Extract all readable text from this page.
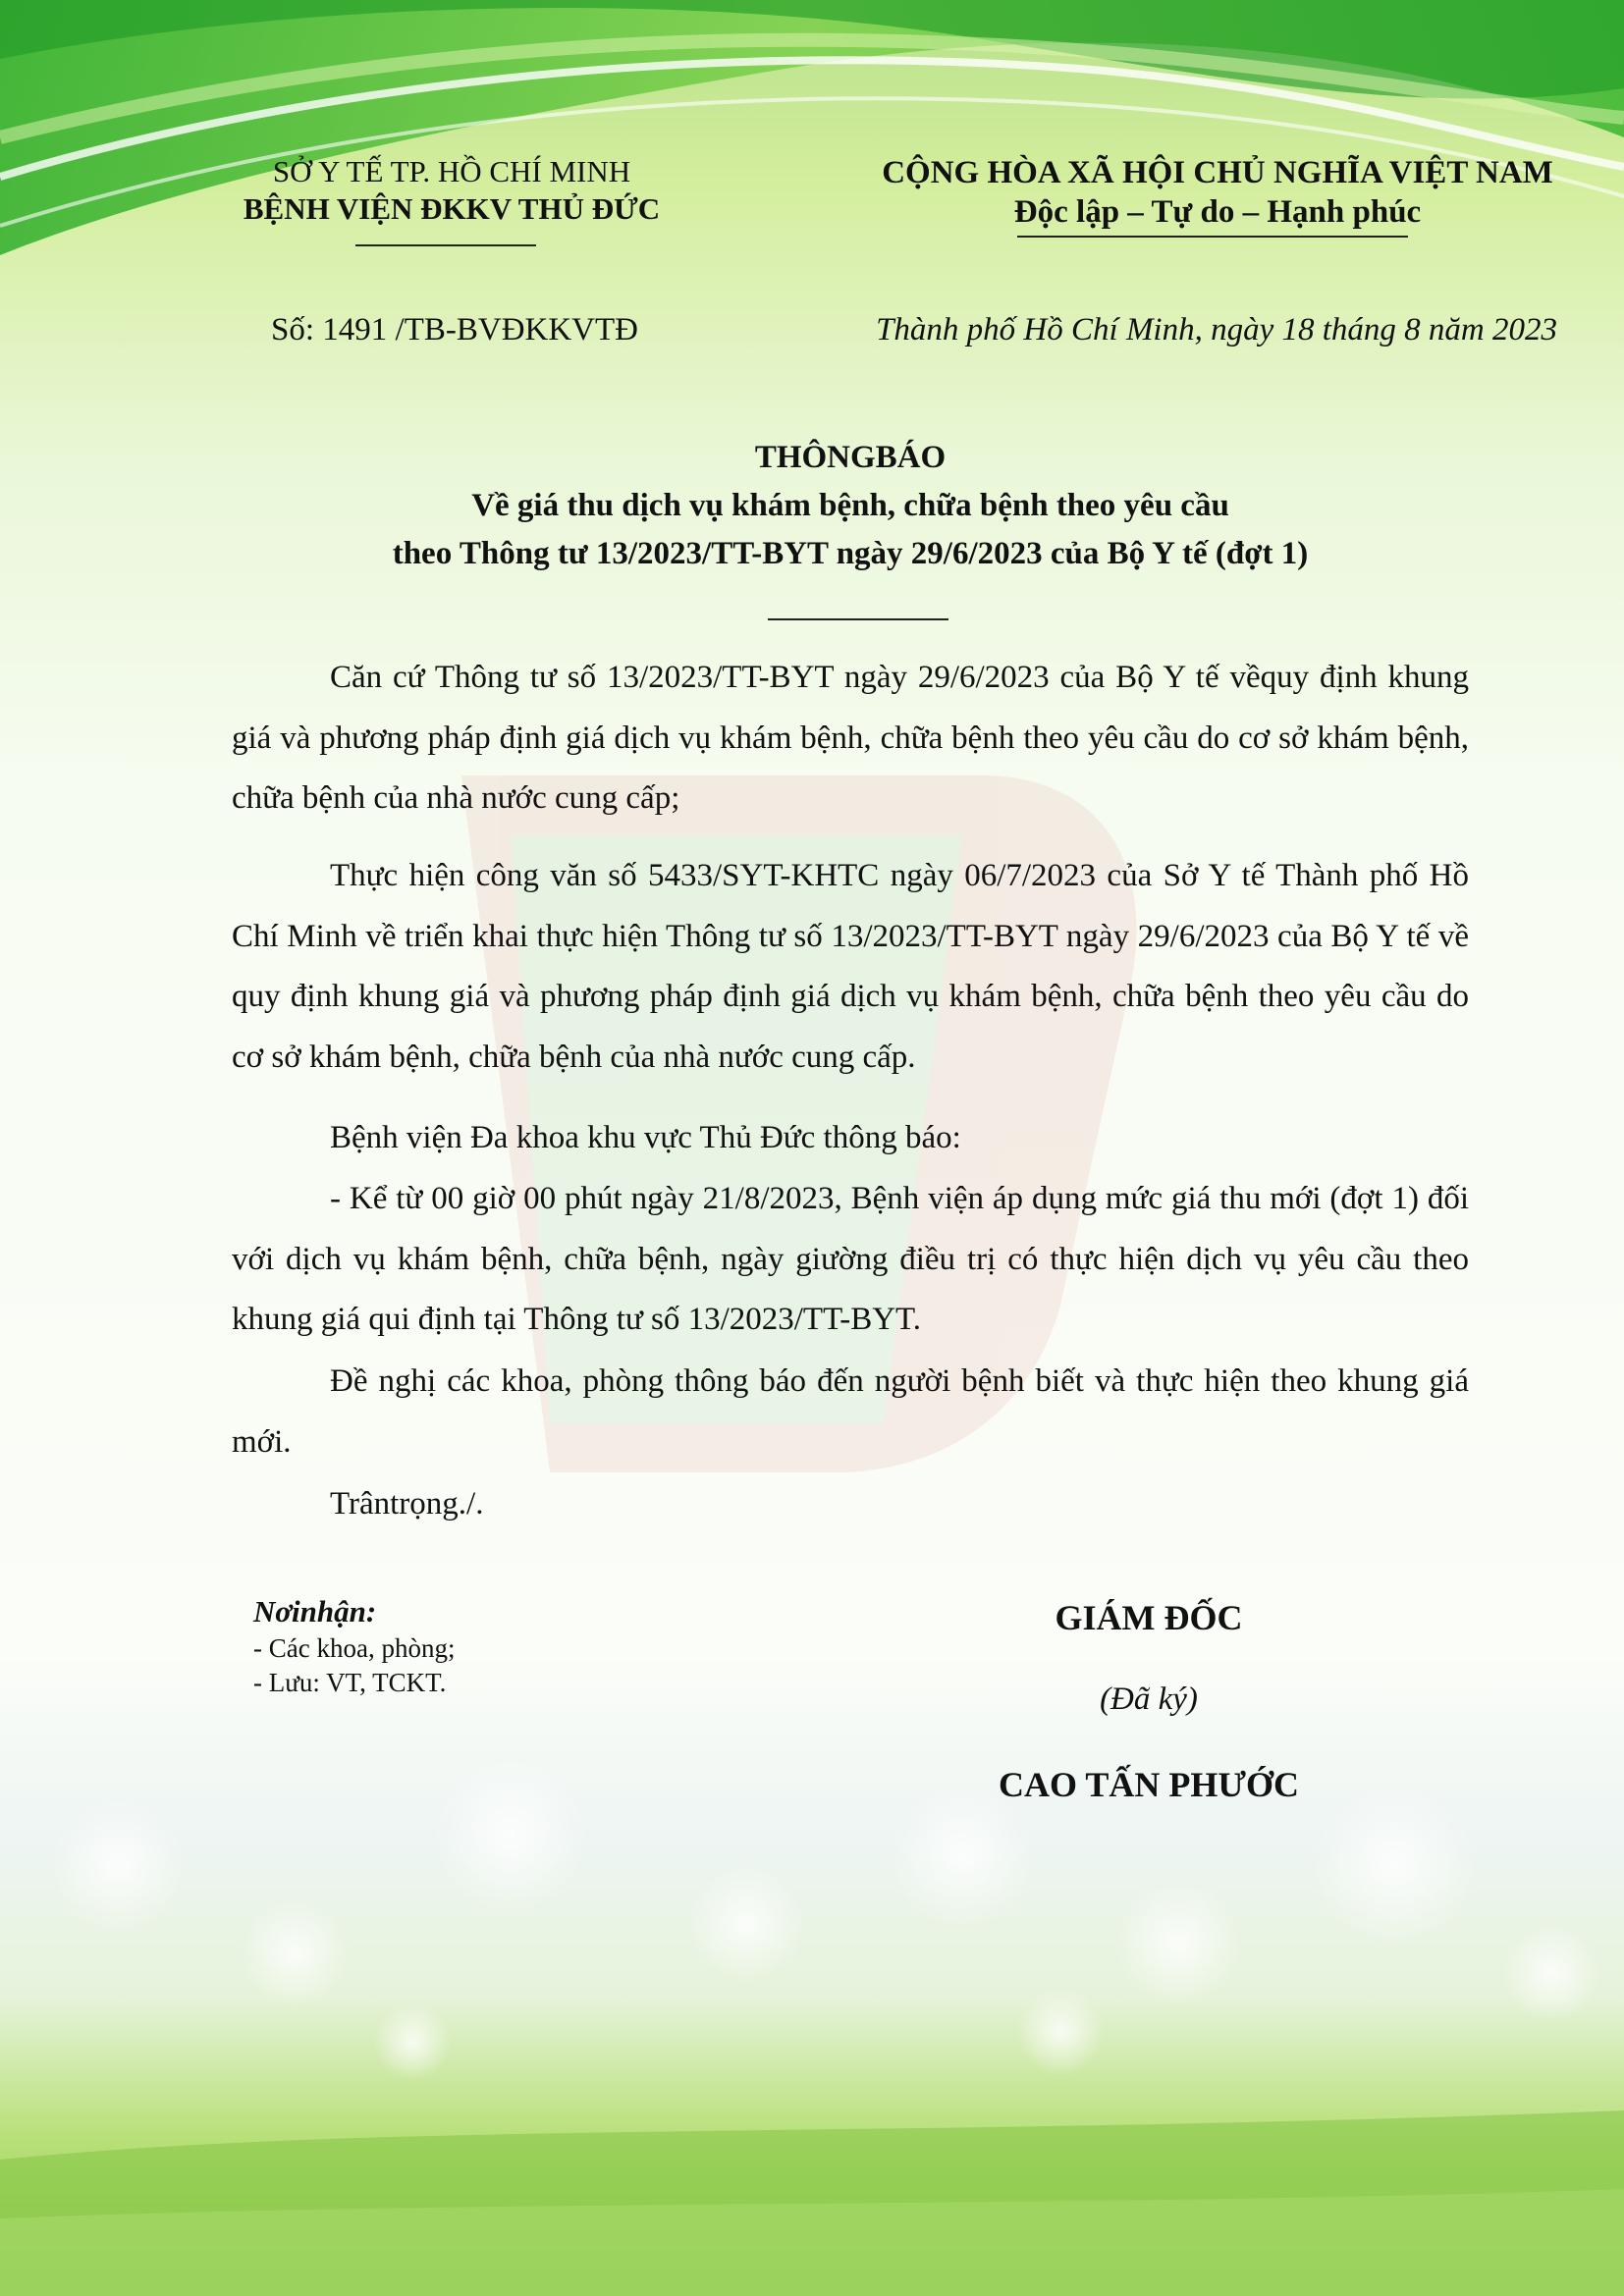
SỞ Y TẾ TP. HỒ CHÍ MINH
BỆNH VIỆN ĐKKV THỦ ĐỨC
CỘNG HÒA XÃ HỘI CHỦ NGHĨA VIỆT NAM
Độc lập – Tự do – Hạnh phúc
Số: 1491 /TB-BVĐKKVTĐ	Thành phố Hồ Chí Minh, ngày 18 tháng 8 năm 2023
THÔNGBÁO
Về giá thu dịch vụ khám bệnh, chữa bệnh theo yêu cầu
theo Thông tư 13/2023/TT-BYT ngày 29/6/2023 của Bộ Y tế (đợt 1)
Căn cứ Thông tư số 13/2023/TT-BYT ngày 29/6/2023 của Bộ Y tế vềquy định khung giá và phương pháp định giá dịch vụ khám bệnh, chữa bệnh theo yêu cầu do cơ sở khám bệnh, chữa bệnh của nhà nước cung cấp;
Thực hiện công văn số 5433/SYT-KHTC ngày 06/7/2023 của Sở Y tế Thành phố Hồ Chí Minh về triển khai thực hiện Thông tư số 13/2023/TT-BYT ngày 29/6/2023 của Bộ Y tế về quy định khung giá và phương pháp định giá dịch vụ khám bệnh, chữa bệnh theo yêu cầu do cơ sở khám bệnh, chữa bệnh của nhà nước cung cấp.
Bệnh viện Đa khoa khu vực Thủ Đức thông báo:
- Kể từ 00 giờ 00 phút ngày 21/8/2023, Bệnh viện áp dụng mức giá thu mới (đợt 1) đối với dịch vụ khám bệnh, chữa bệnh, ngày giường điều trị có thực hiện dịch vụ yêu cầu theo khung giá qui định tại Thông tư số 13/2023/TT-BYT.
Đề nghị các khoa, phòng thông báo đến người bệnh biết và thực hiện theo khung giá mới.
Trântrọng./.
Nơinhận:
- Các khoa, phòng;
- Lưu: VT, TCKT.
GIÁM ĐỐC
(Đã ký)
CAO TẤN PHƯỚC
